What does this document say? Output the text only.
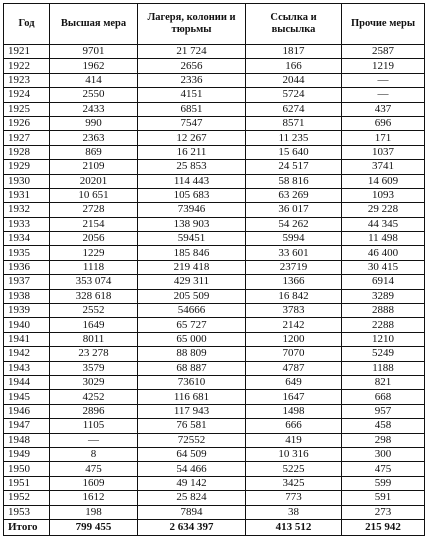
Год	Высшая мера	Лагеря, колонии и тюрьмы	Ссылка и высылка	Прочие меры
1921	9701	21 724	1817	2587
1922	1962	2656	166	1219
1923	414	2336	2044	—
1924	2550	4151	5724	—
1925	2433	6851	6274	437
1926	990	7547	8571	696
1927	2363	12 267	11 235	171
1928	869	16 211	15 640	1037
1929	2109	25 853	24 517	3741
1930	20201	114 443	58 816	14 609
1931	10 651	105 683	63 269	1093
1932	2728	73946	36 017	29 228
1933	2154	138 903	54 262	44 345
1934	2056	59451	5994	11 498
1935	1229	185 846	33 601	46 400
1936	1118	219 418	23719	30 415
1937	353 074	429 311	1366	6914
1938	328 618	205 509	16 842	3289
1939	2552	54666	3783	2888
1940	1649	65 727	2142	2288
1941	8011	65 000	1200	1210
1942	23 278	88 809	7070	5249
1943	3579	68 887	4787	1188
1944	3029	73610	649	821
1945	4252	116 681	1647	668
1946	2896	117 943	1498	957
1947	1105	76 581	666	458
1948	—	72552	419	298
1949	8	64 509	10 316	300
1950	475	54 466	5225	475
1951	1609	49 142	3425	599
1952	1612	25 824	773	591
1953	198	7894	38	273
Итого	799 455	2 634 397	413 512	215 942
